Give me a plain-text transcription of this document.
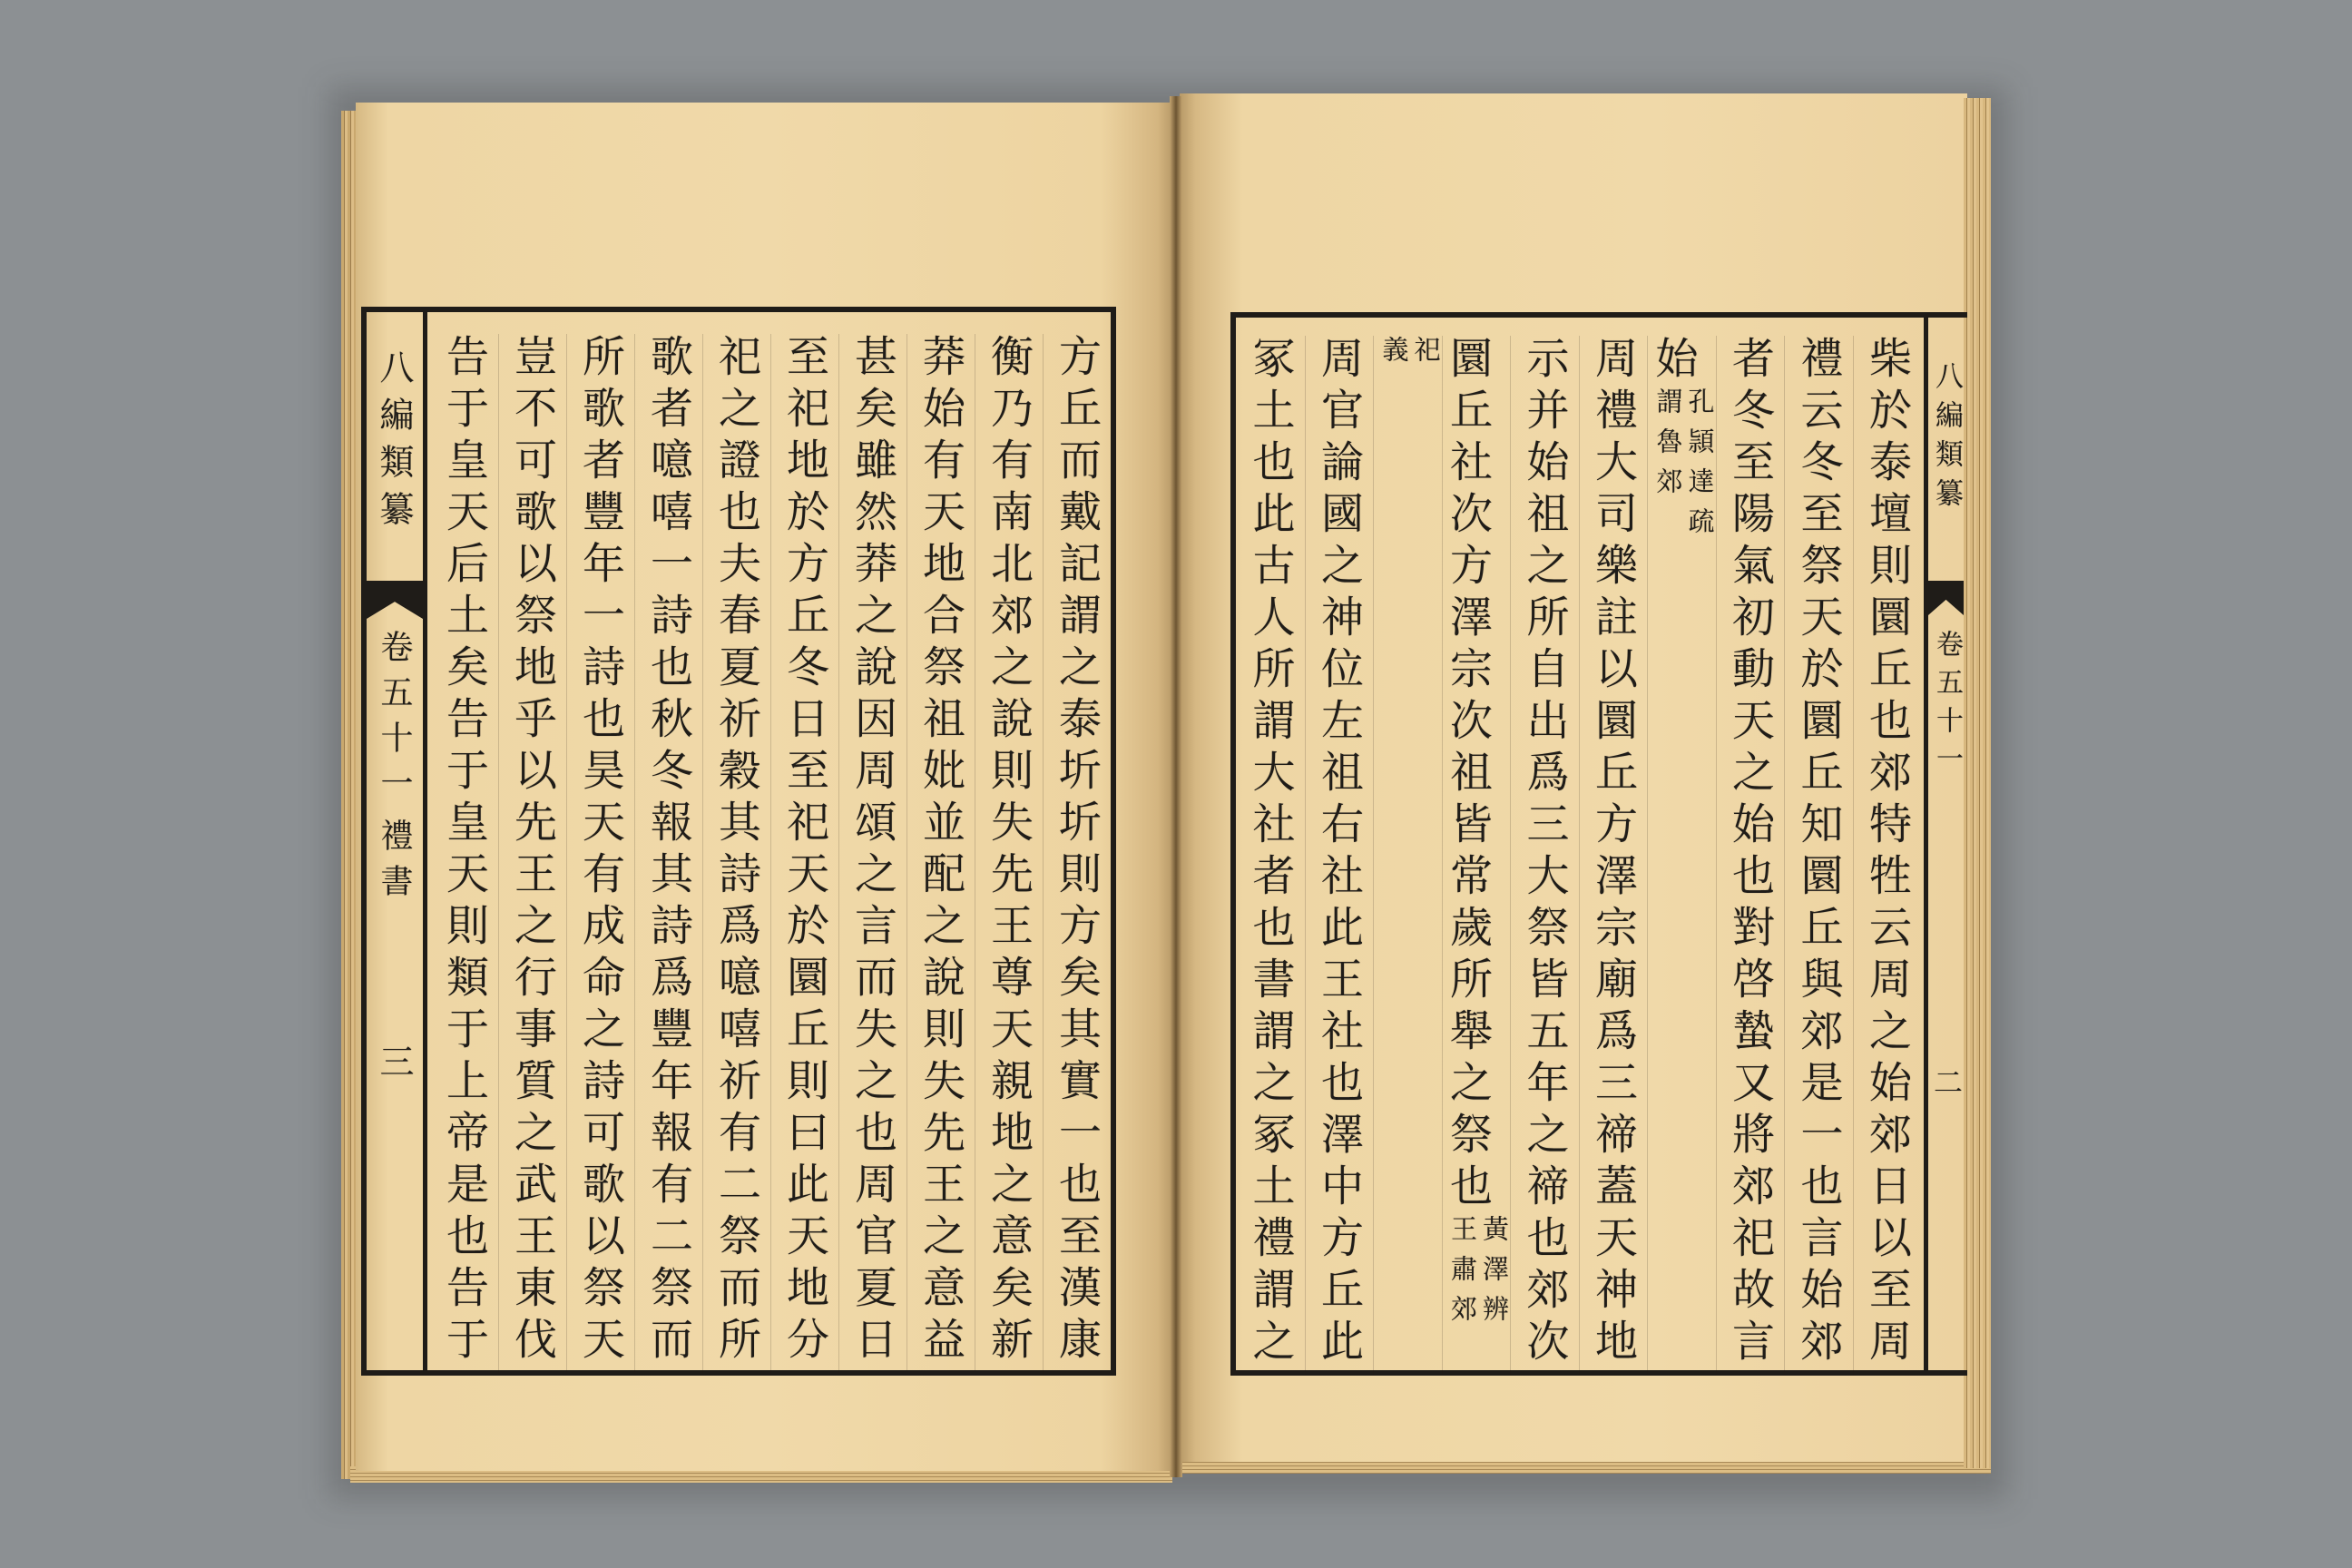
八編類纂
卷五十一
禮書
三	方丘而戴記謂之泰圻圻則方矣其實一也至漢康
衡乃有南北郊之說則失先王尊天親地之意矣新
莽始有天地合祭祖妣並配之說則失先王之意益
甚矣雖然莽之說因周頌之言而失之也周官夏日
至祀地於方丘冬日至祀天於圜丘則曰此天地分
祀之證也夫春夏祈穀其詩爲噫嘻祈有二祭而所
歌者噫嘻一詩也秋冬報其詩爲豐年報有二祭而
所歌者豐年一詩也昊天有成命之詩可歌以祭天
豈不可歌以祭地乎以先王之行事質之武王東伐
告于皇天后土矣告于皇天則類于上帝是也告于	八編類纂
卷五十一
二
柴於泰壇則圜丘也郊特牲云周之始郊日以至周
禮云冬至祭天於圜丘知圜丘與郊是一也言始郊
者冬至陽氣初動天之始也對啓蟄又將郊祀故言
始
孔頴達疏
謂魯郊
周禮大司樂註以圜丘方澤宗廟爲三禘蓋天神地
示并始祖之所自出爲三大祭皆五年之禘也郊次
圜丘社次方澤宗次祖皆常歲所舉之祭也
黃澤辨
王肅郊
祀
義
周官論國之神位左祖右社此王社也澤中方丘此
冢土也此古人所謂大社者也書謂之冢土禮謂之
